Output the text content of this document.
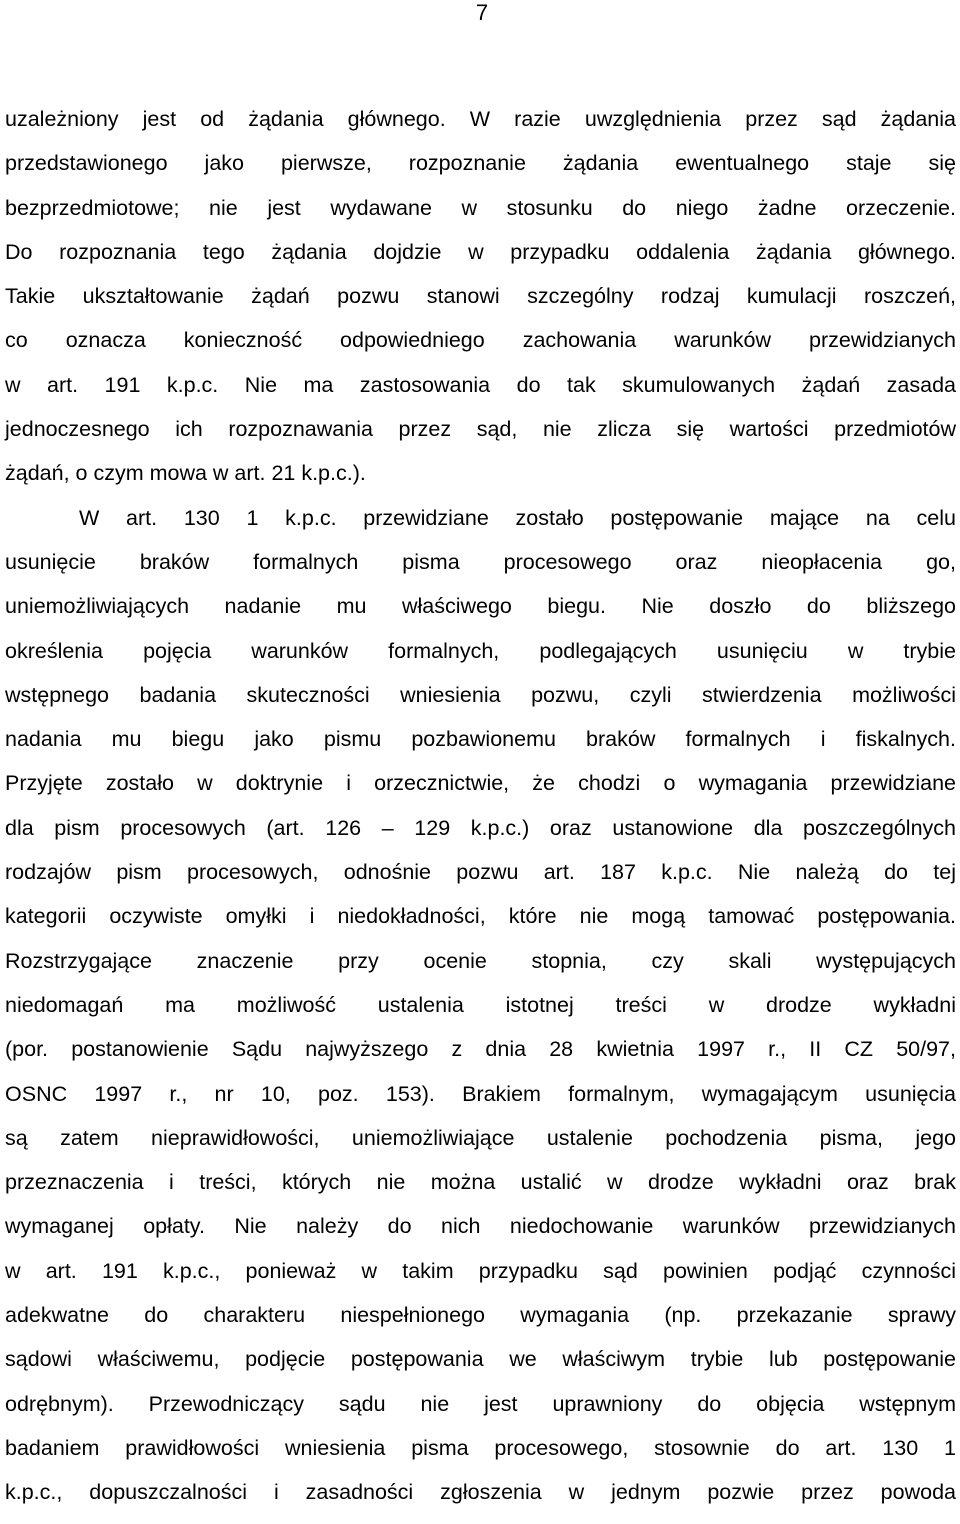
7
uzależniony jest od żądania głównego. W razie uwzględnienia przez sąd żądania
przedstawionego jako pierwsze, rozpoznanie żądania ewentualnego staje się
bezprzedmiotowe; nie jest wydawane w stosunku do niego żadne orzeczenie.
Do rozpoznania tego żądania dojdzie w przypadku oddalenia żądania głównego.
Takie ukształtowanie żądań pozwu stanowi szczególny rodzaj kumulacji roszczeń,
co oznacza konieczność odpowiedniego zachowania warunków przewidzianych
w art. 191 k.p.c. Nie ma zastosowania do tak skumulowanych żądań zasada
jednoczesnego ich rozpoznawania przez sąd, nie zlicza się wartości przedmiotów
żądań, o czym mowa w art. 21 k.p.c.).
W art. 130 1 k.p.c. przewidziane zostało postępowanie mające na celu
usunięcie braków formalnych pisma procesowego oraz nieopłacenia go,
uniemożliwiających nadanie mu właściwego biegu. Nie doszło do bliższego
określenia pojęcia warunków formalnych, podlegających usunięciu w trybie
wstępnego badania skuteczności wniesienia pozwu, czyli stwierdzenia możliwości
nadania mu biegu jako pismu pozbawionemu braków formalnych i fiskalnych.
Przyjęte zostało w doktrynie i orzecznictwie, że chodzi o wymagania przewidziane
dla pism procesowych (art. 126 – 129 k.p.c.) oraz ustanowione dla poszczególnych
rodzajów pism procesowych, odnośnie pozwu art. 187 k.p.c. Nie należą do tej
kategorii oczywiste omyłki i niedokładności, które nie mogą tamować postępowania.
Rozstrzygające znaczenie przy ocenie stopnia, czy skali występujących
niedomagań ma możliwość ustalenia istotnej treści w drodze wykładni
(por. postanowienie Sądu najwyższego z dnia 28 kwietnia 1997 r., II CZ 50/97,
OSNC 1997 r., nr 10, poz. 153). Brakiem formalnym, wymagającym usunięcia
są zatem nieprawidłowości, uniemożliwiające ustalenie pochodzenia pisma, jego
przeznaczenia i treści, których nie można ustalić w drodze wykładni oraz brak
wymaganej opłaty. Nie należy do nich niedochowanie warunków przewidzianych
w art. 191 k.p.c., ponieważ w takim przypadku sąd powinien podjąć czynności
adekwatne do charakteru niespełnionego wymagania (np. przekazanie sprawy
sądowi właściwemu, podjęcie postępowania we właściwym trybie lub postępowanie
odrębnym). Przewodniczący sądu nie jest uprawniony do objęcia wstępnym
badaniem prawidłowości wniesienia pisma procesowego, stosownie do art. 130 1
k.p.c., dopuszczalności i zasadności zgłoszenia w jednym pozwie przez powoda
